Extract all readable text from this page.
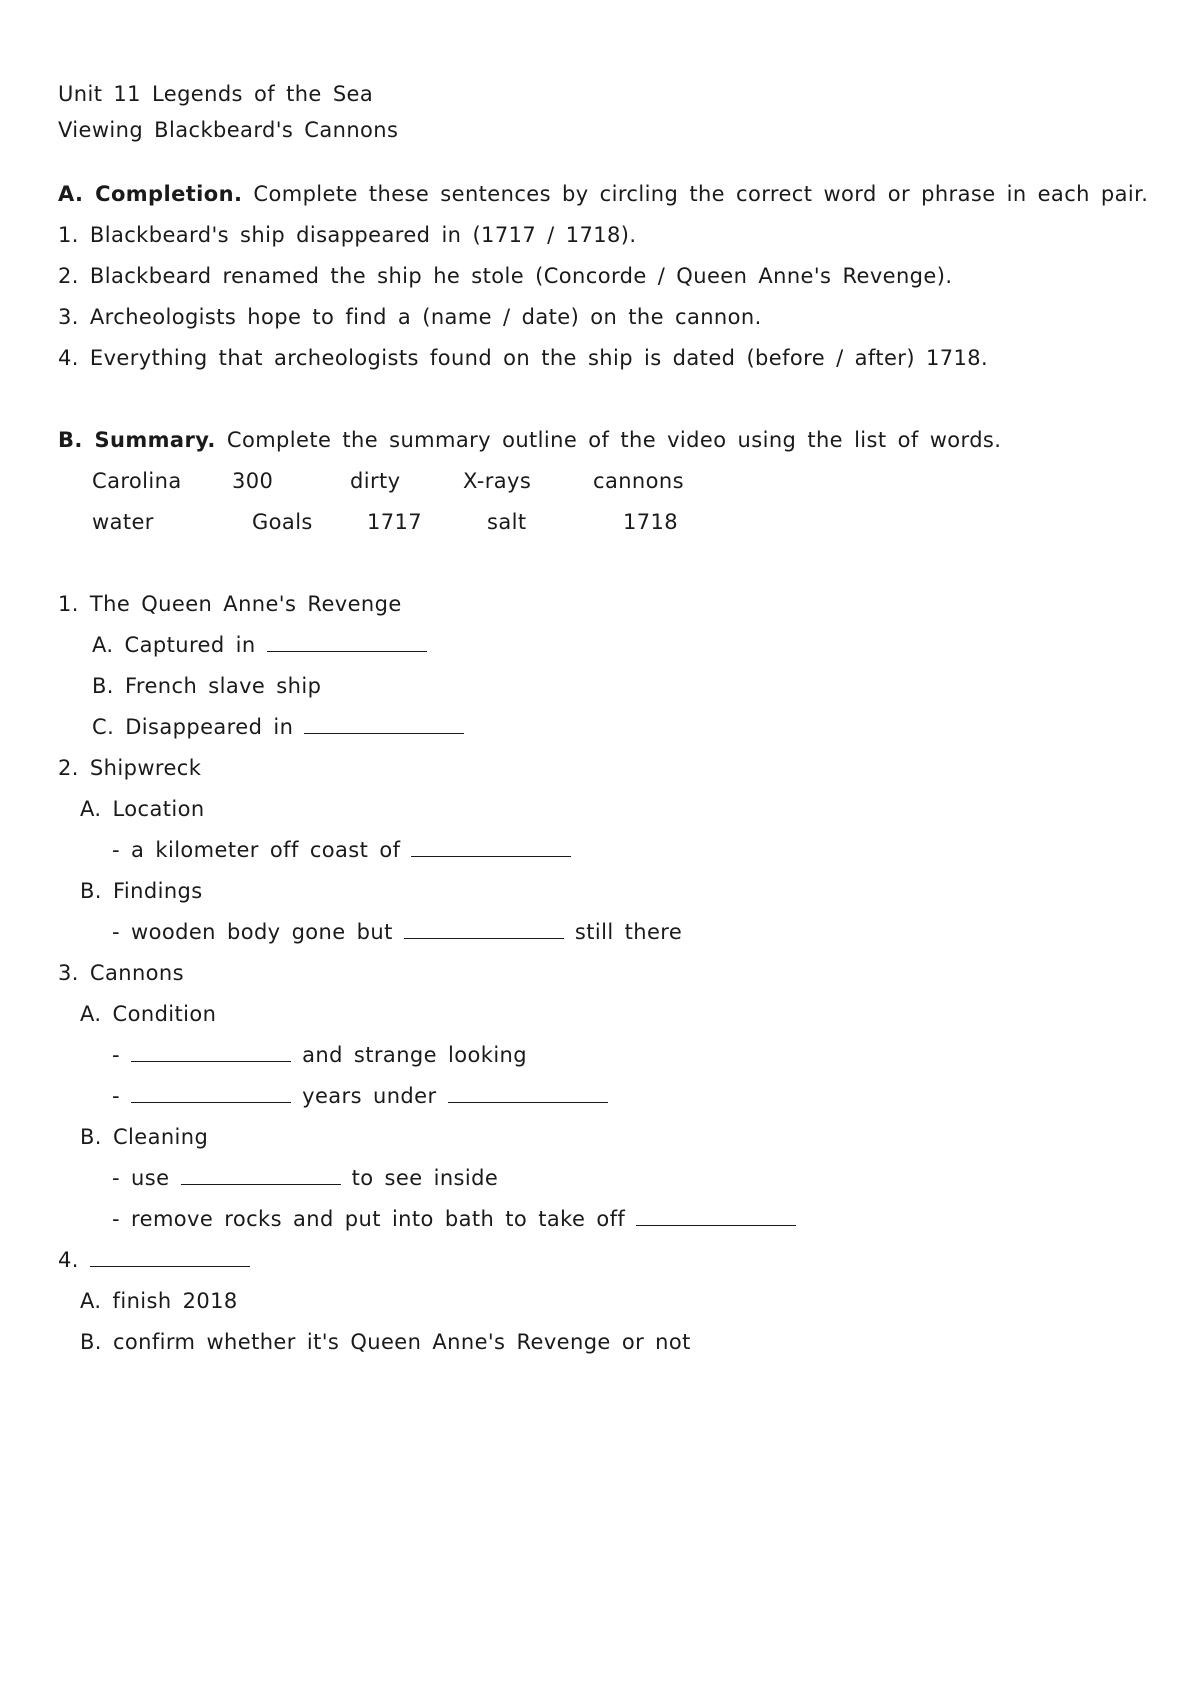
Unit 11 Legends of the Sea
Viewing Blackbeard's Cannons
A. Completion. Complete these sentences by circling the correct word or phrase in each pair.
1. Blackbeard's ship disappeared in (1717 / 1718).
2. Blackbeard renamed the ship he stole (Concorde / Queen Anne's Revenge).
3. Archeologists hope to find a (name / date) on the cannon.
4. Everything that archeologists found on the ship is dated (before / after) 1718.
B. Summary. Complete the summary outline of the video using the list of words.
Carolina	300	dirty	X-rays	cannons
water	Goals	1717	salt	1718
1. The Queen Anne's Revenge
A. Captured in
B. French slave ship
C. Disappeared in
2. Shipwreck
A. Location
- a kilometer off coast of
B. Findings
- wooden body gone but	still there
3. Cannons
A. Condition
-	and strange looking
-	years under
B. Cleaning
- use	to see inside
- remove rocks and put into bath to take off
4.
A. finish 2018
B. confirm whether it's Queen Anne's Revenge or not
